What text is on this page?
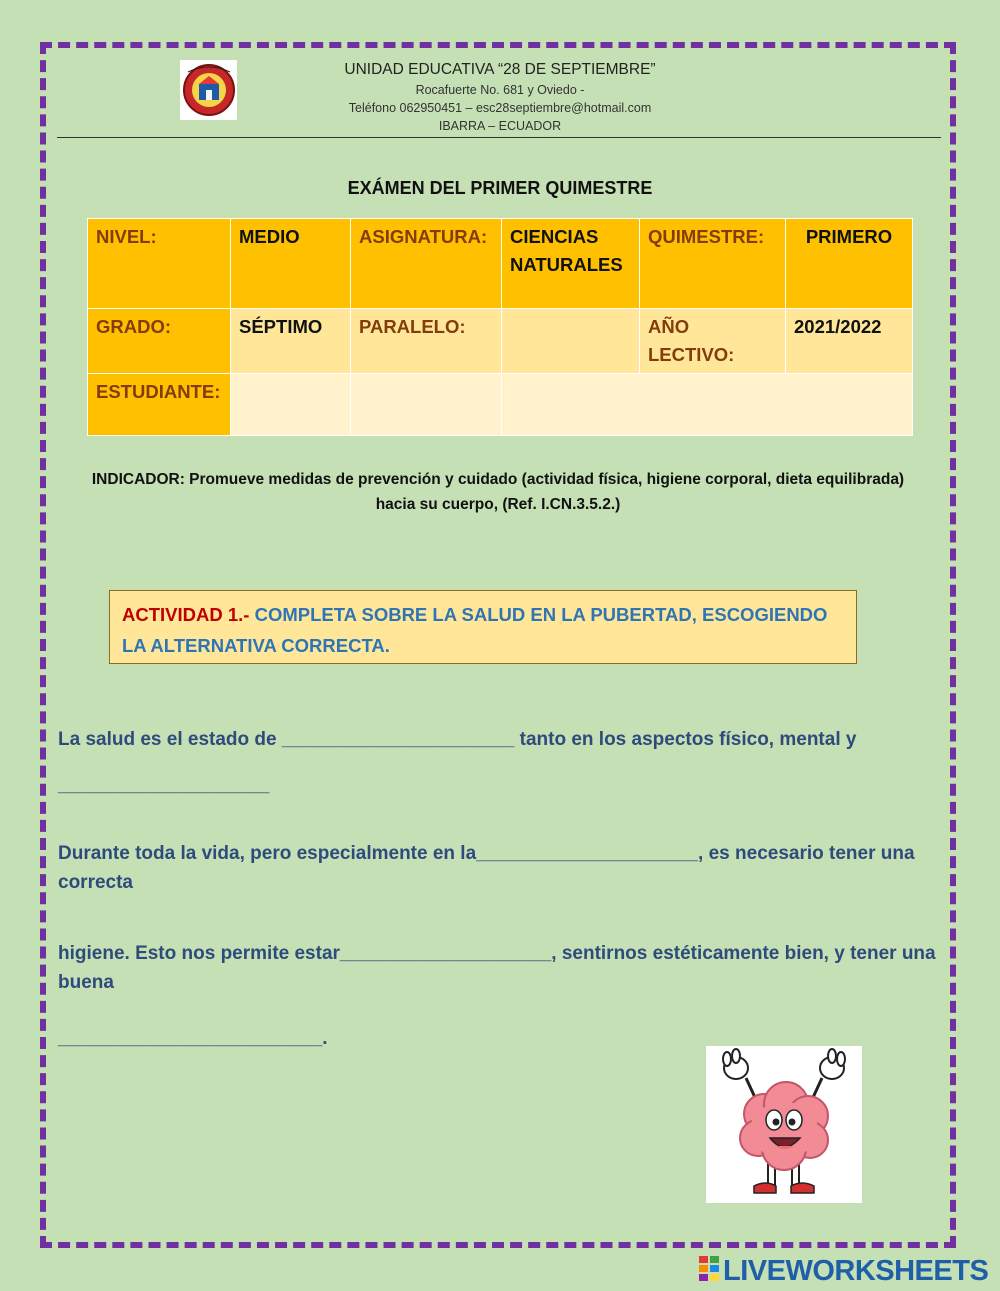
UNIDAD EDUCATIVA “28 DE SEPTIEMBRE”
Rocafuerte No. 681 y Oviedo -
Teléfono 062950451 – esc28septiembre@hotmail.com
IBARRA – ECUADOR
EXÁMEN DEL PRIMER QUIMESTRE
NIVEL:	MEDIO	ASIGNATURA:	CIENCIAS NATURALES	QUIMESTRE:	PRIMERO
GRADO:	SÉPTIMO	PARALELO:		AÑO LECTIVO:	2021/2022
ESTUDIANTE:					
INDICADOR: Promueve medidas de prevención y cuidado (actividad física, higiene corporal, dieta equilibrada) hacia su cuerpo, (Ref. I.CN.3.5.2.)
ACTIVIDAD 1.- COMPLETA SOBRE LA SALUD EN LA PUBERTAD, ESCOGIENDO LA ALTERNATIVA CORRECTA.
La salud es el estado de ______________________ tanto en los aspectos físico, mental y
____________________
Durante toda la vida, pero especialmente en la_____________________, es necesario tener una correcta
higiene. Esto nos permite estar____________________, sentirnos estéticamente bien, y tener una buena
_________________________.
LIVEWORKSHEETS
